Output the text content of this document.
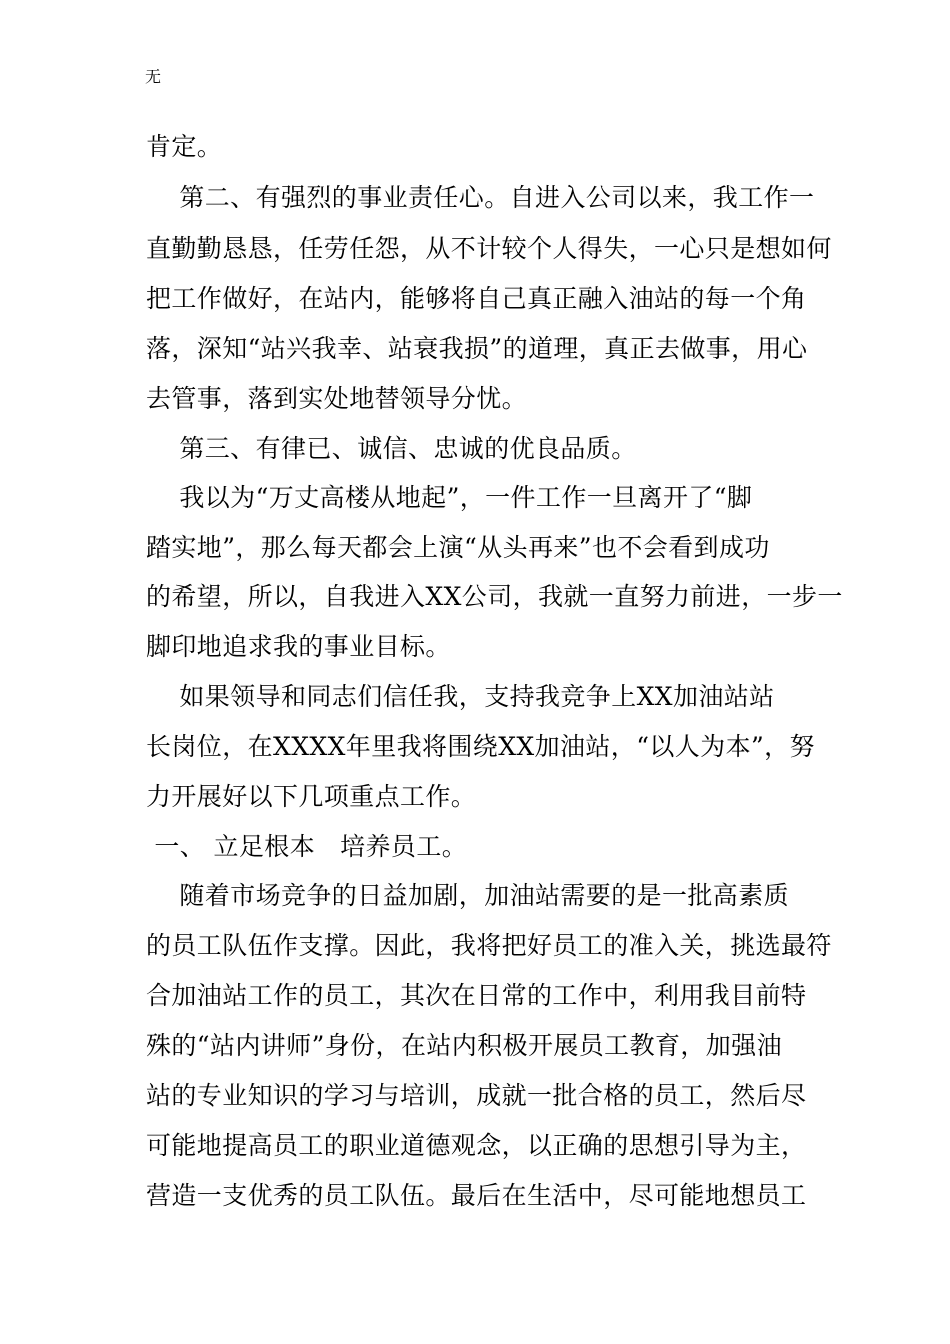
无
肯定。
第二、有强烈的事业责任心。自进入公司以来，我工作一
直勤勤恳恳，任劳任怨，从不计较个人得失，一心只是想如何
把工作做好，在站内，能够将自己真正融入油站的每一个角
落，深知“站兴我幸、站衰我损”的道理，真正去做事，用心
去管事，落到实处地替领导分忧。
第三、有律已、诚信、忠诚的优良品质。
我以为“万丈高楼从地起”，一件工作一旦离开了“脚
踏实地”，那么每天都会上演“从头再来”也不会看到成功
的希望，所以，自我进入XX公司，我就一直努力前进，一步一
脚印地追求我的事业目标。
如果领导和同志们信任我，支持我竞争上XX加油站站
长岗位，在XXXX年里我将围绕XX加油站，“以人为本”，努
力开展好以下几项重点工作。
一、 立足根本   培养员工。
随着市场竞争的日益加剧，加油站需要的是一批高素质
的员工队伍作支撑。因此，我将把好员工的准入关，挑选最符
合加油站工作的员工，其次在日常的工作中，利用我目前特
殊的“站内讲师”身份，在站内积极开展员工教育，加强油
站的专业知识的学习与培训，成就一批合格的员工，然后尽
可能地提高员工的职业道德观念，以正确的思想引导为主，
营造一支优秀的员工队伍。最后在生活中，尽可能地想员工
